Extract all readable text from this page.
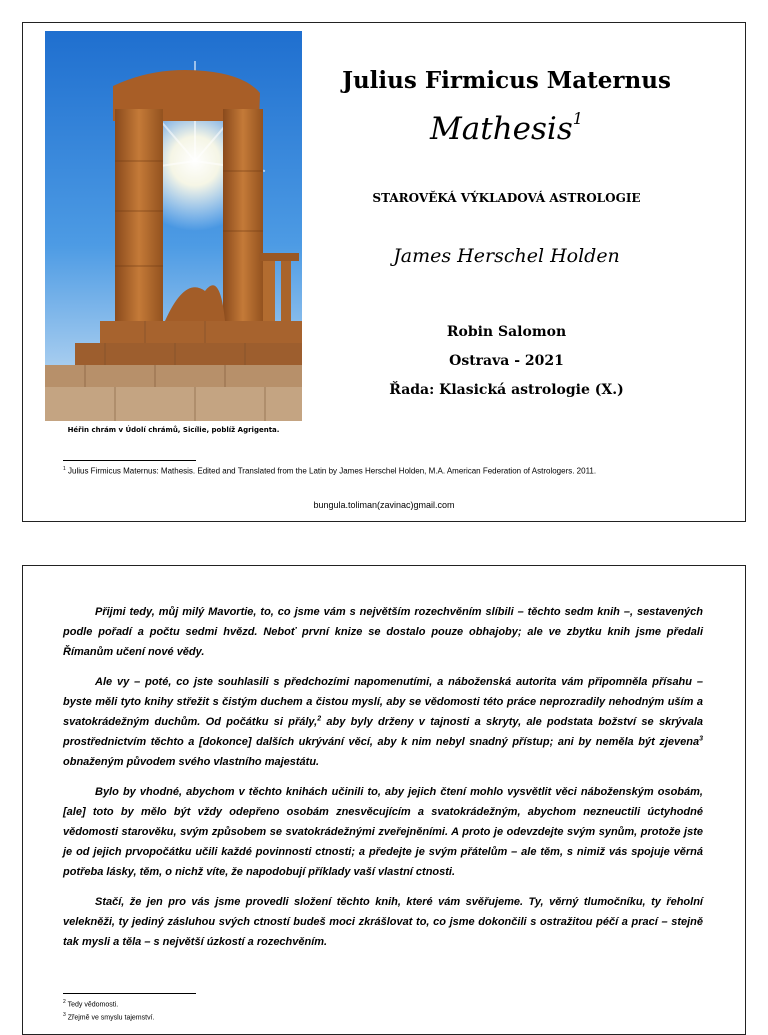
Héřin chrám v Údolí chrámů, Sicílie, poblíž Agrigenta.
Julius Firmicus Maternus
Mathesis$^1$
STAROVĚKÁ VÝKLADOVÁ ASTROLOGIE
James Herschel Holden
Robin Salomon
Ostrava - 2021
Řada: Klasická astrologie (X.)
$^1$ Julius Firmicus Maternus: Mathesis. Edited and Translated from the Latin by James Herschel Holden, M.A. American Federation of Astrologers. 2011.
bungula.toliman(zavinac)gmail.com

Přijmi tedy, můj milý Mavortie, to, co jsme vám s největším rozechvěním slíbili – těchto sedm knih –, sestavených podle pořadí a počtu sedmi hvězd. Neboť první knize se dostalo pouze obhajoby; ale ve zbytku knih jsme předali Římanům učení nové vědy.

Ale vy – poté, co jste souhlasili s předchozími napomenutími, a náboženská autorita vám připomněla přísahu – byste měli tyto knihy střežit s čistým duchem a čistou myslí, aby se vědomosti této práce neprozradily nehodným uším a svatokrádežným duchům. Od počátku si přály,$^2$ aby byly drženy v tajnosti a skryty, ale podstata božství se skrývala prostřednictvím těchto a [dokonce] dalších ukrývání věcí, aby k nim nebyl snadný přístup; ani by neměla být zjevena$^3$ obnaženým původem svého vlastního majestátu.

Bylo by vhodné, abychom v těchto knihách učinili to, aby jejich čtení mohlo vysvětlit věci náboženským osobám, [ale] toto by mělo být vždy odepřeno osobám znesvěcujícím a svatokrádežným, abychom nezneuctili úctyhodné vědomosti starověku, svým způsobem se svatokrádežnými zveřejněními. A proto je odevzdejte svým synům, protože jste je od jejich prvopočátku učili každé povinnosti ctnosti; a předejte je svým přátelům – ale těm, s nimiž vás spojuje věrná potřeba lásky, těm, o nichž víte, že napodobují příklady vaší vlastní ctnosti.

Stačí, že jen pro vás jsme provedli složení těchto knih, které vám svěřujeme. Ty, věrný tlumočníku, ty řeholní velekněži, ty jediný zásluhou svých ctností budeš moci zkrášlovat to, co jsme dokončili s ostražitou péčí a prací – stejně tak mysli a těla – s největší úzkostí a rozechvěním.

$^2$ Tedy vědomosti.
$^3$ Zřejmě ve smyslu tajemství.
